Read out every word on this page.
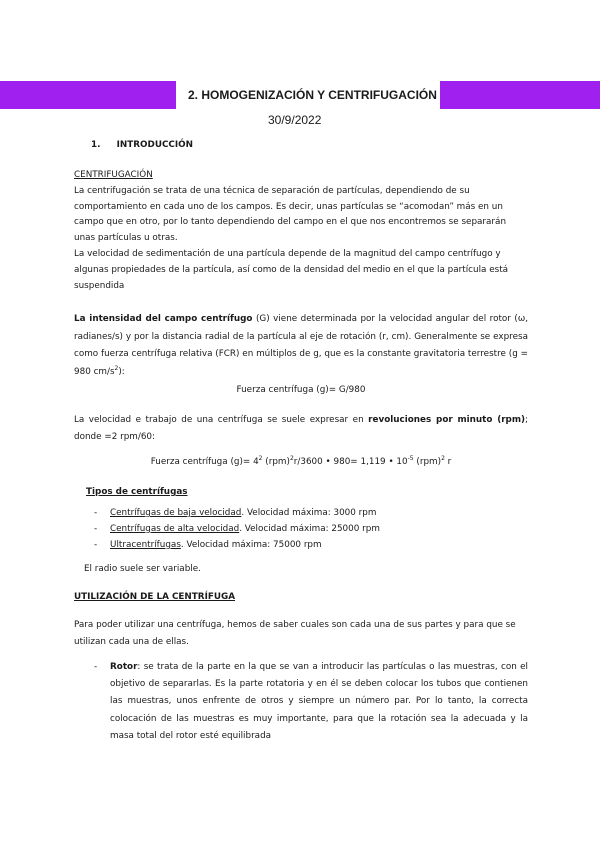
2. HOMOGENIZACIÓN Y CENTRIFUGACIÓN
30/9/2022
1. INTRODUCCIÓN
CENTRIFUGACIÓN
La centrifugación se trata de una técnica de separación de partículas, dependiendo de su comportamiento en cada uno de los campos. Es decir, unas partículas se “acomodan” más en un campo que en otro, por lo tanto dependiendo del campo en el que nos encontremos se separarán unas partículas u otras.
La velocidad de sedimentación de una partícula depende de la magnitud del campo centrífugo y algunas propiedades de la partícula, así como de la densidad del medio en el que la partícula está suspendida
La intensidad del campo centrífugo (G) viene determinada por la velocidad angular del rotor (ω, radianes/s) y por la distancia radial de la partícula al eje de rotación (r, cm). Generalmente se expresa como fuerza centrífuga relativa (FCR) en múltiplos de g, que es la constante gravitatoria terrestre (g = 980 $cm/s^2$):
Fuerza centrífuga (g)= G/980
La velocidad e trabajo de una centrífuga se suele expresar en revoluciones por minuto (rpm); donde =2 rpm/60:
Fuerza centrífuga $(g)= 4^2$ (rpm)$^2$r/3600 • 980= 1,119 • $10^{-5}$ (rpm)$^2$ r
Tipos de centrífugas
- Centrífugas de baja velocidad. Velocidad máxima: 3000 rpm
- Centrífugas de alta velocidad. Velocidad máxima: 25000 rpm
- Ultracentrífugas. Velocidad máxima: 75000 rpm
El radio suele ser variable.
UTILIZACIÓN DE LA CENTRÍFUGA
Para poder utilizar una centrífuga, hemos de saber cuales son cada una de sus partes y para que se utilizan cada una de ellas.
- Rotor: se trata de la parte en la que se van a introducir las partículas o las muestras, con el objetivo de separarlas. Es la parte rotatoria y en él se deben colocar los tubos que contienen las muestras, unos enfrente de otros y siempre un número par. Por lo tanto, la correcta colocación de las muestras es muy importante, para que la rotación sea la adecuada y la masa total del rotor esté equilibrada
